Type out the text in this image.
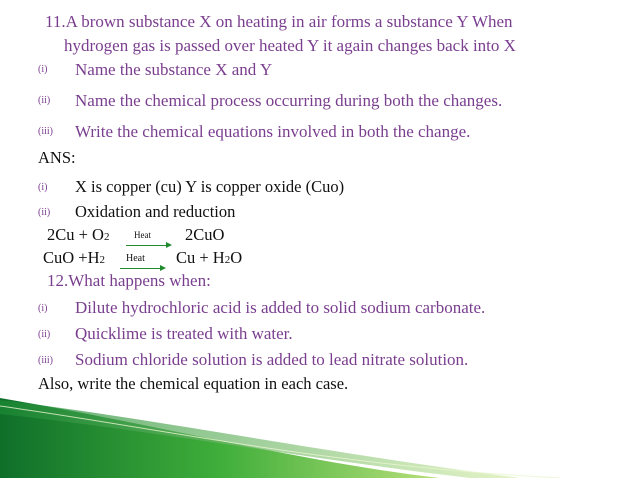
11.A brown substance X on heating in air forms a substance Y When
hydrogen gas is passed over heated Y it again changes back into X
(i) Name the substance X and Y
(ii) Name the chemical process occurring during both the changes.
(iii) Write the chemical equations involved in both the change.
ANS:
(i) X is copper (cu) Y is copper oxide (Cuo)
(ii) Oxidation and reduction
2Cu + O2	Heat 2CuO
CuO +H2 Heat Cu + H2O
12.What happens when:
(i) Dilute hydrochloric acid is added to solid sodium carbonate.
(ii) Quicklime is treated with water.
(iii) Sodium chloride solution is added to lead nitrate solution.
Also, write the chemical equation in each case.
